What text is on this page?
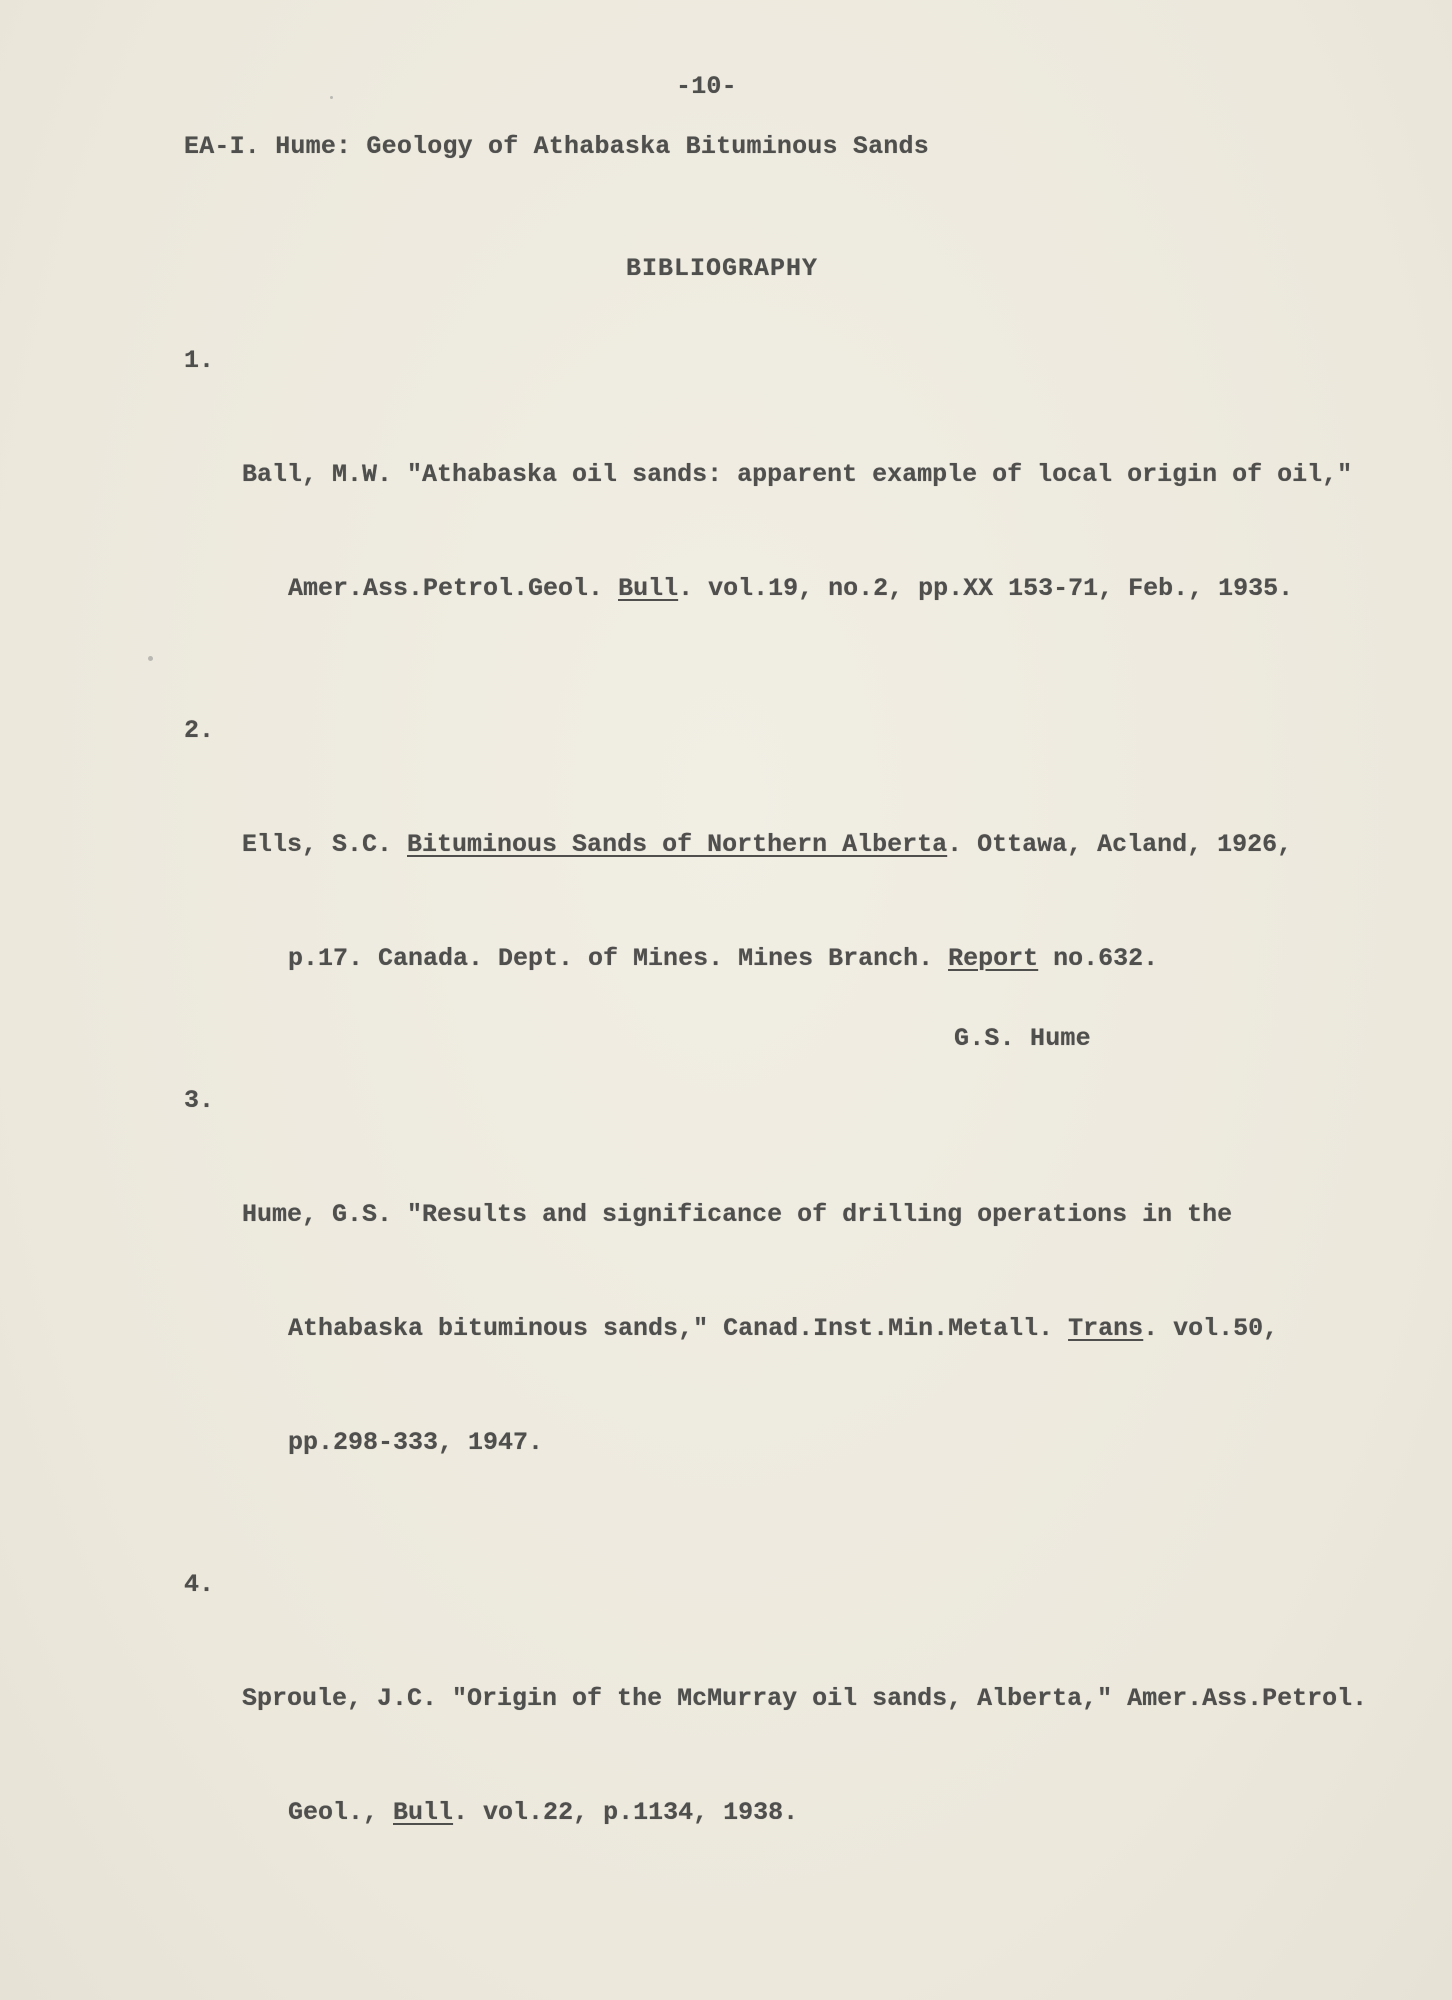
-10-
EA-I. Hume: Geology of Athabaska Bituminous Sands
BIBLIOGRAPHY

1.

Ball, M.W. "Athabaska oil sands: apparent example of local origin of oil,"

Amer.Ass.Petrol.Geol. Bull. vol.19, no.2, pp.XX 153-71, Feb., 1935.

2.

Ells, S.C. Bituminous Sands of Northern Alberta. Ottawa, Acland, 1926,

p.17. Canada. Dept. of Mines. Mines Branch. Report no.632.

3.

Hume, G.S. "Results and significance of drilling operations in the

Athabaska bituminous sands," Canad.Inst.Min.Metall. Trans. vol.50,

pp.298-333, 1947.

4.

Sproule, J.C. "Origin of the McMurray oil sands, Alberta," Amer.Ass.Petrol.

Geol., Bull. vol.22, p.1134, 1938.

G.S. Hume
